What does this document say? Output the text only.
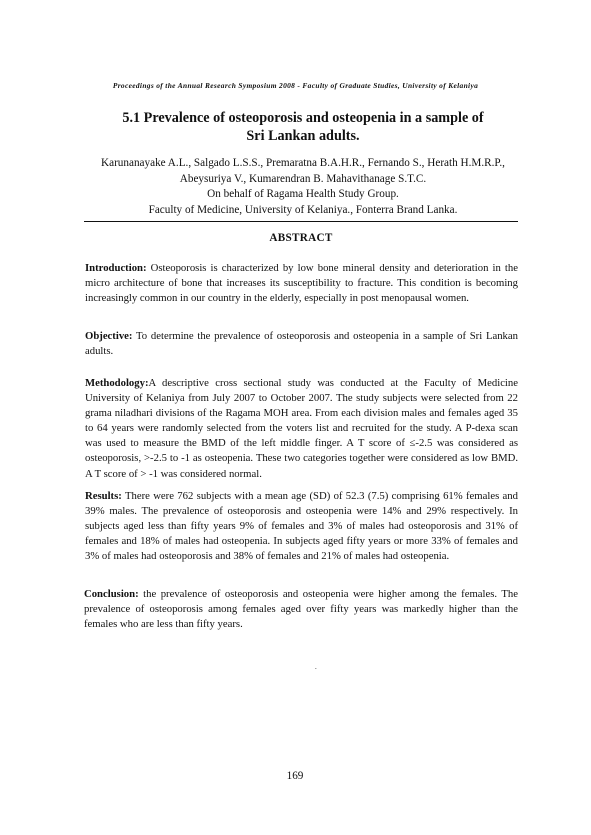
Proceedings of the Annual Research Symposium 2008 - Faculty of Graduate Studies, University of Kelaniya
5.1 Prevalence of osteoporosis and osteopenia in a sample of
Sri Lankan adults.
Karunanayake A.L., Salgado L.S.S., Premaratna B.A.H.R., Fernando S., Herath H.M.R.P.,
Abeysuriya V., Kumarendran B. Mahavithanage S.T.C.
On behalf of Ragama Health Study Group.
Faculty of Medicine, University of Kelaniya., Fonterra Brand Lanka.
ABSTRACT
Introduction: Osteoporosis is characterized by low bone mineral density and deterioration in the micro architecture of bone that increases its susceptibility to fracture. This condition is becoming increasingly common in our country in the elderly, especially in post menopausal women.
Objective: To determine the prevalence of osteoporosis and osteopenia in a sample of Sri Lankan adults.
Methodology:A descriptive cross sectional study was conducted at the Faculty of Medicine University of Kelaniya from July 2007 to October 2007. The study subjects were selected from 22 grama niladhari divisions of the Ragama MOH area. From each division males and females aged 35 to 64 years were randomly selected from the voters list and recruited for the study. A P-dexa scan was used to measure the BMD of the left middle finger. A T score of ≤-2.5 was considered as osteoporosis, >-2.5 to -1 as osteopenia. These two categories together were considered as low BMD. A T score of > -1 was considered normal.
Results: There were 762 subjects with a mean age (SD) of 52.3 (7.5) comprising 61% females and 39% males. The prevalence of osteoporosis and osteopenia were 14% and 29% respectively. In subjects aged less than fifty years 9% of females and 3% of males had osteoporosis and 31% of females and 18% of males had osteopenia. In subjects aged fifty years or more 33% of females and 3% of males had osteoporosis and 38% of females and 21% of males had osteopenia.
Conclusion: the prevalence of osteoporosis and osteopenia were higher among the females. The prevalence of osteoporosis among females aged over fifty years was markedly higher than the females who are less than fifty years.
.
169
